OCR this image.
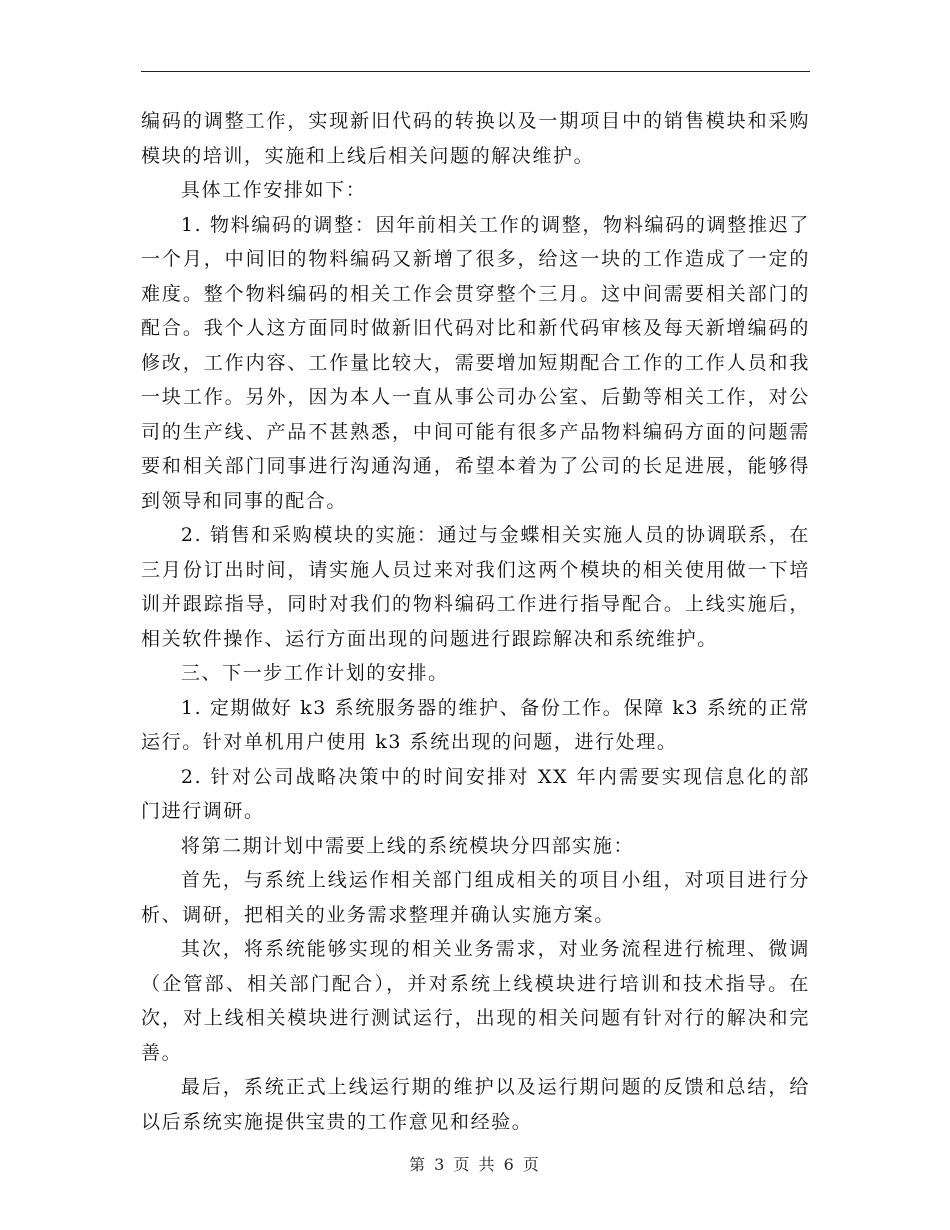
编码的调整工作，实现新旧代码的转换以及一期项目中的销售模块和采购模块的培训，实施和上线后相关问题的解决维护。

具体工作安排如下：

1. 物料编码的调整：因年前相关工作的调整，物料编码的调整推迟了一个月，中间旧的物料编码又新增了很多，给这一块的工作造成了一定的难度。整个物料编码的相关工作会贯穿整个三月。这中间需要相关部门的配合。我个人这方面同时做新旧代码对比和新代码审核及每天新增编码的修改，工作内容、工作量比较大，需要增加短期配合工作的工作人员和我一块工作。另外，因为本人一直从事公司办公室、后勤等相关工作，对公司的生产线、产品不甚熟悉，中间可能有很多产品物料编码方面的问题需要和相关部门同事进行沟通沟通，希望本着为了公司的长足进展，能够得到领导和同事的配合。

2. 销售和采购模块的实施：通过与金蝶相关实施人员的协调联系，在三月份订出时间，请实施人员过来对我们这两个模块的相关使用做一下培训并跟踪指导，同时对我们的物料编码工作进行指导配合。上线实施后，相关软件操作、运行方面出现的问题进行跟踪解决和系统维护。

三、下一步工作计划的安排。

1. 定期做好 k3 系统服务器的维护、备份工作。保障 k3 系统的正常运行。针对单机用户使用 k3 系统出现的问题，进行处理。

2. 针对公司战略决策中的时间安排对 XX 年内需要实现信息化的部门进行调研。

将第二期计划中需要上线的系统模块分四部实施：

首先，与系统上线运作相关部门组成相关的项目小组，对项目进行分析、调研，把相关的业务需求整理并确认实施方案。

其次，将系统能够实现的相关业务需求，对业务流程进行梳理、微调（企管部、相关部门配合），并对系统上线模块进行培训和技术指导。在次，对上线相关模块进行测试运行，出现的相关问题有针对行的解决和完善。

最后，系统正式上线运行期的维护以及运行期问题的反馈和总结，给以后系统实施提供宝贵的工作意见和经验。

第 3 页 共 6 页
